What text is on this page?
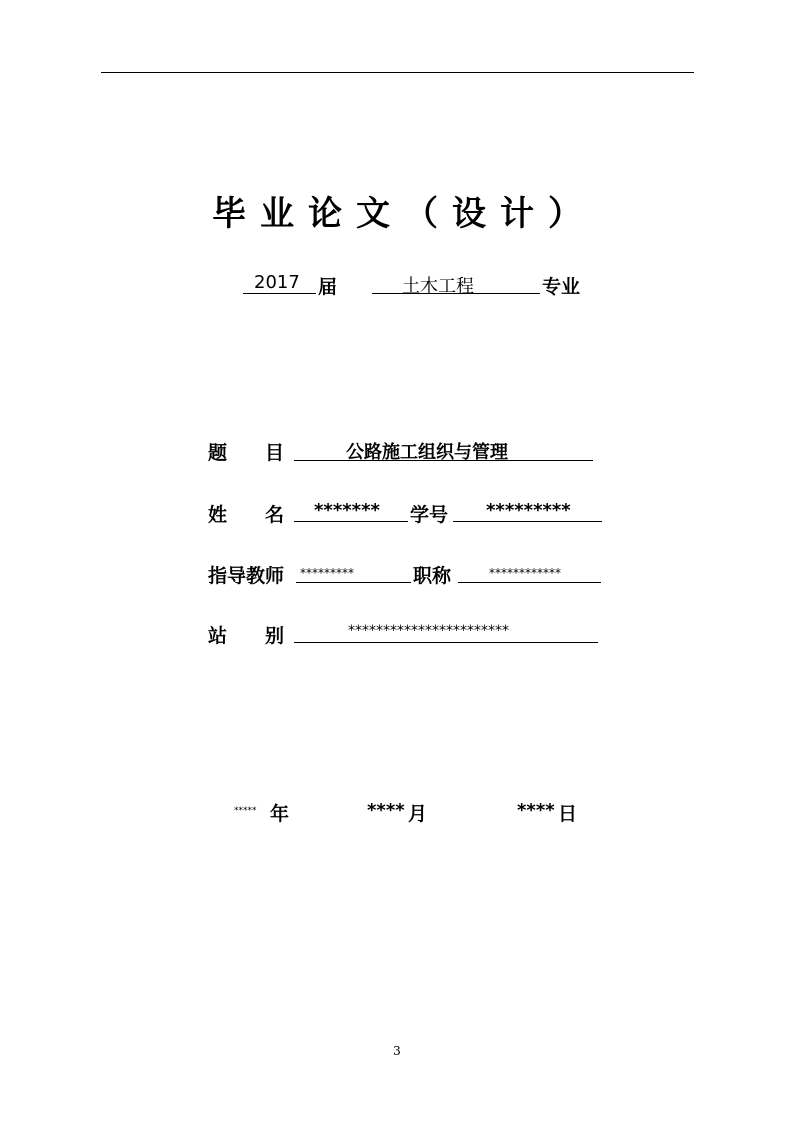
毕业论文（设计）
2017 届	土木工程	专业
题　　目	公路施工组织与管理
姓　　名 ******* 学号 *********
指导教师 *********	职称	************
站　　别	***********************
***** 年	**** 月	**** 日
3
